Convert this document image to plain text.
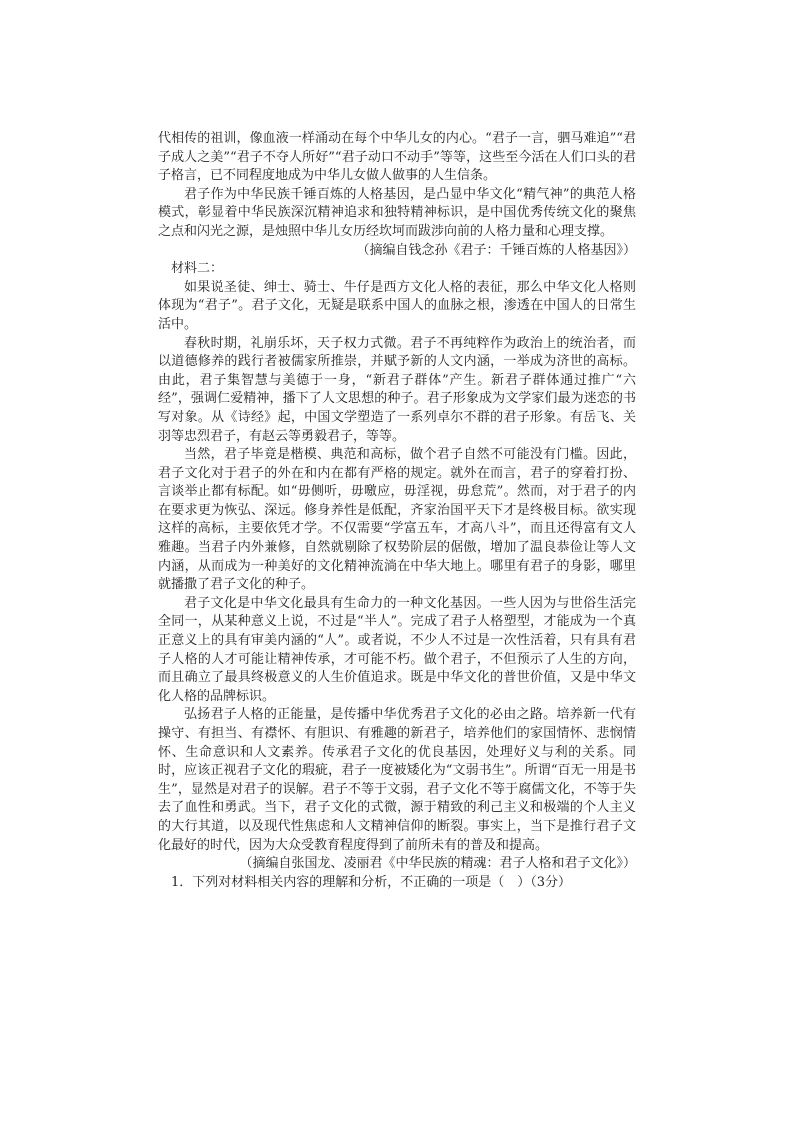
代相传的祖训，像血液一样涌动在每个中华儿女的内心。“君子一言，驷马难追”“君子成人之美”“君子不夺人所好”“君子动口不动手”等等，这些至今活在人们口头的君子格言，已不同程度地成为中华儿女做人做事的人生信条。

君子作为中华民族千锤百炼的人格基因，是凸显中华文化“精气神”的典范人格模式，彰显着中华民族深沉精神追求和独特精神标识，是中国优秀传统文化的聚焦之点和闪光之源，是烛照中华儿女历经坎坷而跋涉向前的人格力量和心理支撑。

（摘编自钱念孙《君子：千锤百炼的人格基因》）

材料二：

如果说圣徒、绅士、骑士、牛仔是西方文化人格的表征，那么中华文化人格则体现为“君子”。君子文化，无疑是联系中国人的血脉之根，渗透在中国人的日常生活中。

春秋时期，礼崩乐坏，天子权力式微。君子不再纯粹作为政治上的统治者，而以道德修养的践行者被儒家所推崇，并赋予新的人文内涵，一举成为济世的高标。由此，君子集智慧与美德于一身，“新君子群体”产生。新君子群体通过推广“六经”，强调仁爱精神，播下了人文思想的种子。君子形象成为文学家们最为迷恋的书写对象。从《诗经》起，中国文学塑造了一系列卓尔不群的君子形象。有岳飞、关羽等忠烈君子，有赵云等勇毅君子，等等。

当然，君子毕竟是楷模、典范和高标，做个君子自然不可能没有门槛。因此，君子文化对于君子的外在和内在都有严格的规定。就外在而言，君子的穿着打扮、言谈举止都有标配。如“毋侧听，毋噭应，毋淫视，毋怠荒”。然而，对于君子的内在要求更为恢弘、深远。修身养性是低配，齐家治国平天下才是终极目标。欲实现这样的高标，主要依凭才学。不仅需要“学富五车，才高八斗”，而且还得富有文人雅趣。当君子内外兼修，自然就剔除了权势阶层的倨傲，增加了温良恭俭让等人文内涵，从而成为一种美好的文化精神流淌在中华大地上。哪里有君子的身影，哪里就播撒了君子文化的种子。

君子文化是中华文化最具有生命力的一种文化基因。一些人因为与世俗生活完全同一，从某种意义上说，不过是“半人”。完成了君子人格塑型，才能成为一个真正意义上的具有审美内涵的“人”。或者说，不少人不过是一次性活着，只有具有君子人格的人才可能让精神传承，才可能不朽。做个君子，不但预示了人生的方向，而且确立了最具终极意义的人生价值追求。既是中华文化的普世价值，又是中华文化人格的品牌标识。

弘扬君子人格的正能量，是传播中华优秀君子文化的必由之路。培养新一代有操守、有担当、有襟怀、有胆识、有雅趣的新君子，培养他们的家国情怀、悲悯情怀、生命意识和人文素养。传承君子文化的优良基因，处理好义与利的关系。同时，应该正视君子文化的瑕疵，君子一度被矮化为“文弱书生”。所谓“百无一用是书生”，显然是对君子的误解。君子不等于文弱，君子文化不等于腐儒文化，不等于失去了血性和勇武。当下，君子文化的式微，源于精致的利己主义和极端的个人主义的大行其道，以及现代性焦虑和人文精神信仰的断裂。事实上，当下是推行君子文化最好的时代，因为大众受教育程度得到了前所未有的普及和提高。

（摘编自张国龙、凌丽君《中华民族的精魂：君子人格和君子文化》）

1．下列对材料相关内容的理解和分析，不正确的一项是（　）（3分）
